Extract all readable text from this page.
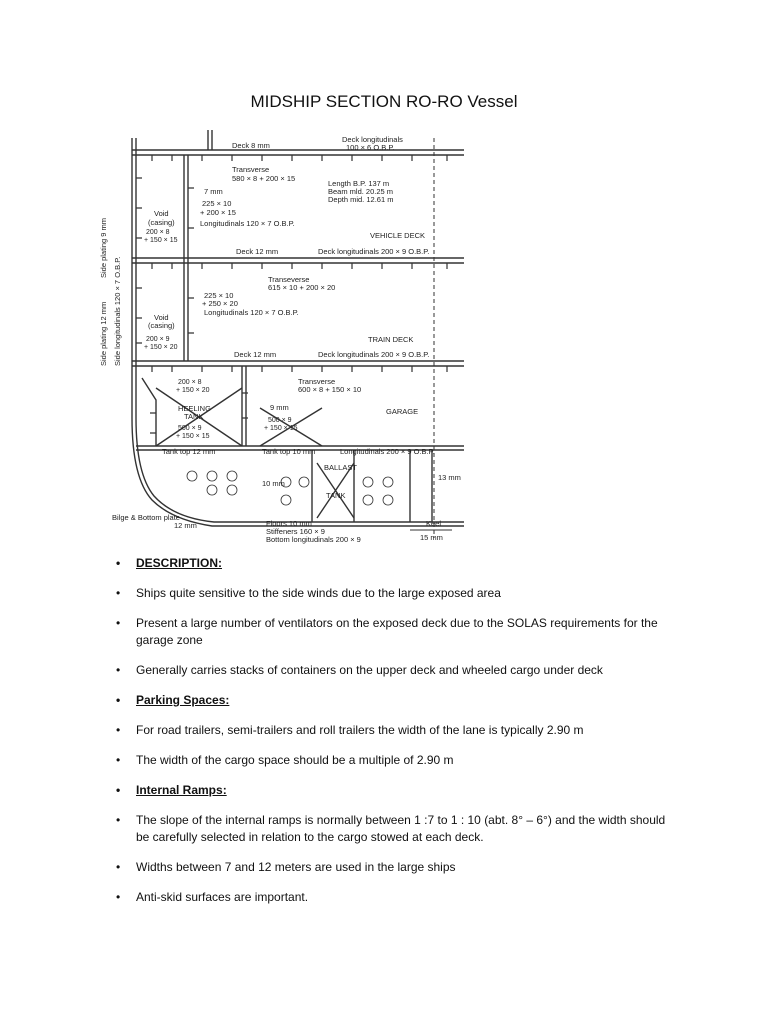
MIDSHIP SECTION RO-RO Vessel
Deck 8 mm
Deck longitudinals
100 × 6 O.B.P.
Transverse
580 × 8 + 200 × 15
7 mm
225 × 10
+ 200 × 15
Length B.P. 137 m
Beam mld. 20.25 m
Depth mid. 12.61 m
Void
(casing)
200 × 8
+ 150 × 15
Longitudinals 120 × 7 O.B.P.
VEHICLE DECK
Deck 12 mm	Deck longitudinals 200 × 9 O.B.P.
Transeverse
615 × 10 + 200 × 20
225 × 10
+ 250 × 20
Longitudinals 120 × 7 O.B.P.
Void
(casing)
200 × 9
+ 150 × 20
TRAIN DECK
Deck 12 mm	Deck longitudinals 200 × 9 O.B.P.
200 × 8
+ 150 × 20
Transverse
600 × 8 + 150 × 10
HEELING
TANK
9 mm	GARAGE
500 × 9
+ 150 × 15
500 × 9
+ 150 × 15
Tank top 12 mm	Tank top 10 mm	Longitudinals 200 × 9 O.B.P.
BALLAST
TANK
10 mm
13 mm
Bilge & Bottom plate
12 mm	Floors 10 mm
Stiffeners 160 × 9
Bottom longitudinals 200 × 9
Keel
15 mm
Side plating 12 mm
Side plating 9 mm
Side longitudinals 120 × 7 O.B.P.
• DESCRIPTION:
• Ships quite sensitive to the side winds due to the large exposed area
• Present a large number of ventilators on the exposed deck due to the SOLAS requirements for the garage zone
• Generally carries stacks of containers on the upper deck and wheeled cargo under deck
• Parking Spaces:
• For road trailers, semi-trailers and roll trailers the width of the lane is typically 2.90 m
• The width of the cargo space should be a multiple of 2.90 m
• Internal Ramps:
• The slope of the internal ramps is normally between 1 :7 to 1 : 10 (abt. 8° – 6°) and the width should be carefully selected in relation to the cargo stowed at each deck.
• Widths between 7 and 12 meters are used in the large ships
• Anti-skid surfaces are important.
